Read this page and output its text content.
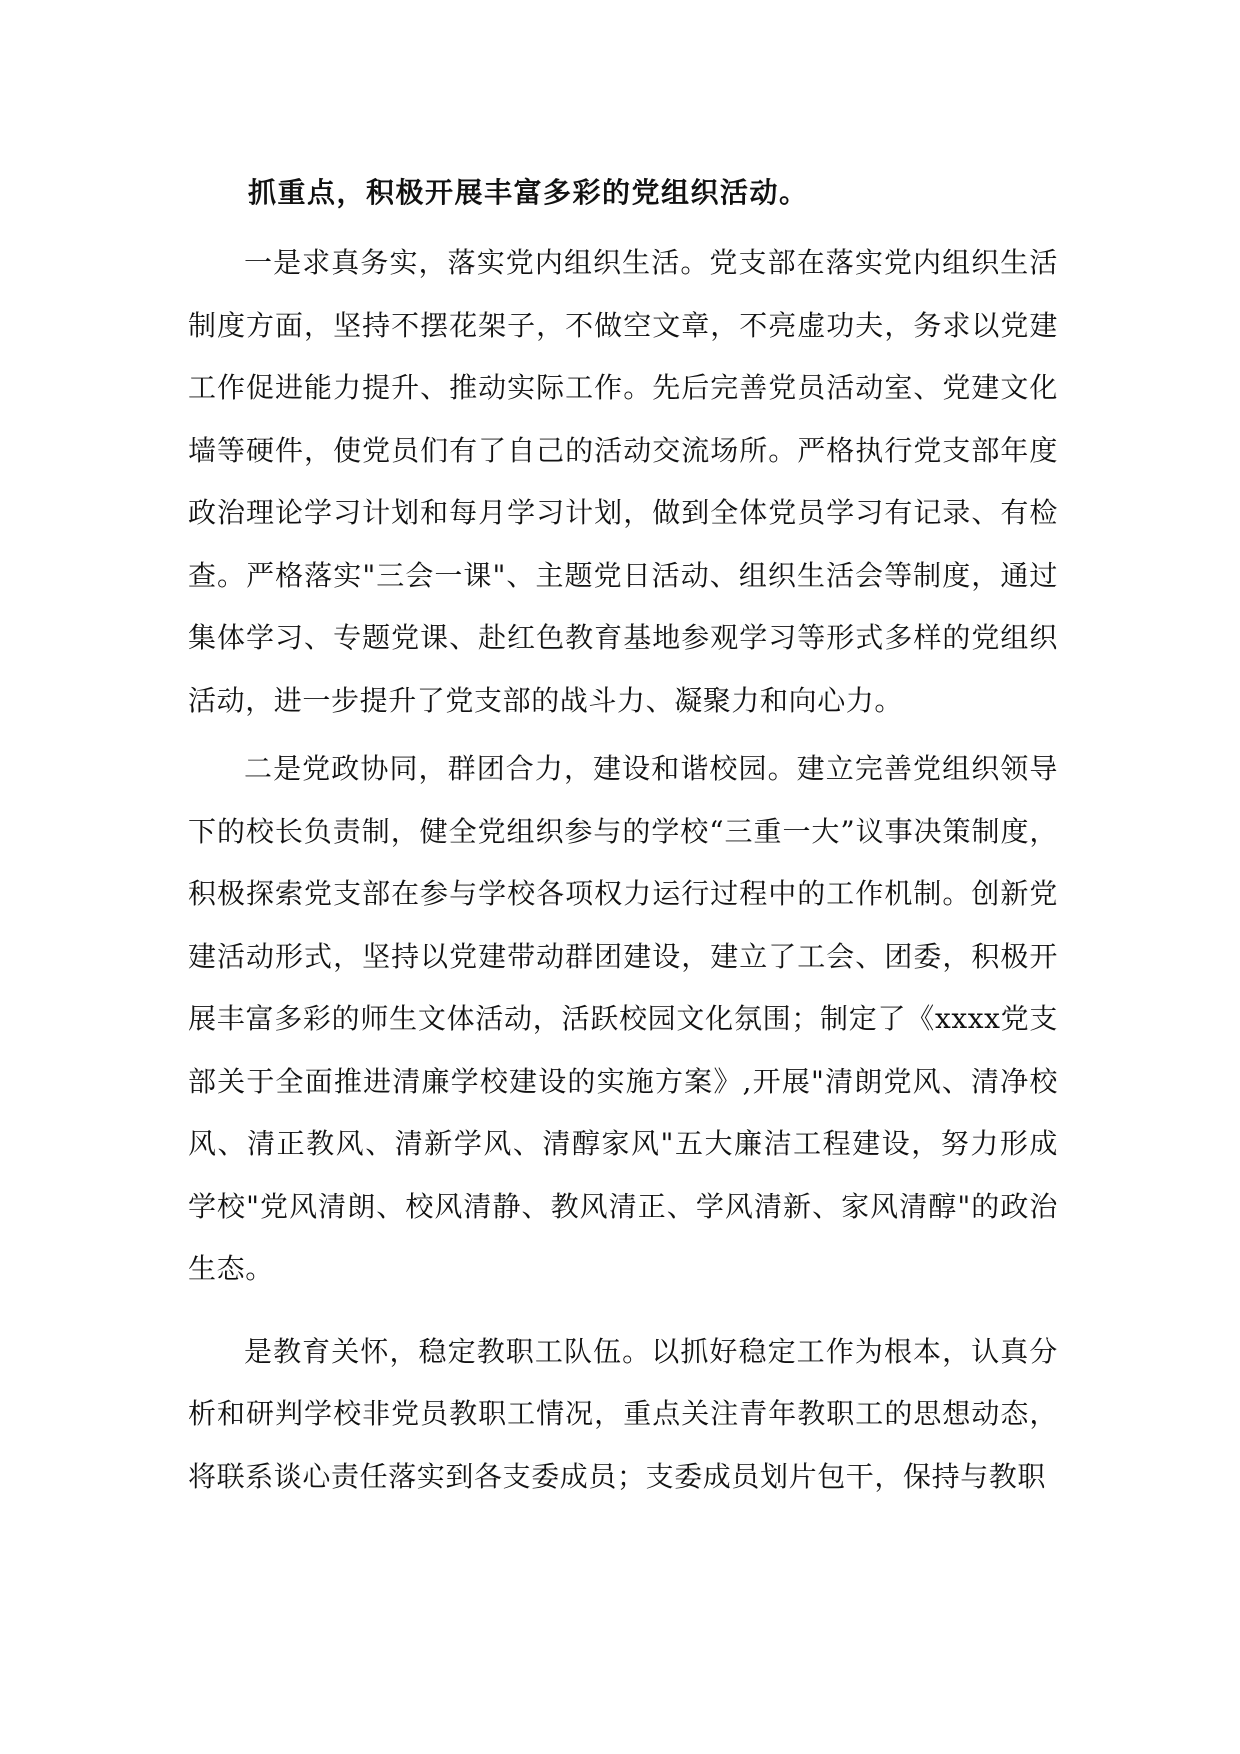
抓重点，积极开展丰富多彩的党组织活动。

一是求真务实，落实党内组织生活。党支部在落实党内组织生活制度方面，坚持不摆花架子，不做空文章，不亮虚功夫，务求以党建工作促进能力提升、推动实际工作。先后完善党员活动室、党建文化墙等硬件，使党员们有了自己的活动交流场所。严格执行党支部年度政治理论学习计划和每月学习计划，做到全体党员学习有记录、有检查。严格落实"三会一课"、主题党日活动、组织生活会等制度，通过集体学习、专题党课、赴红色教育基地参观学习等形式多样的党组织活动，进一步提升了党支部的战斗力、凝聚力和向心力。

二是党政协同，群团合力，建设和谐校园。建立完善党组织领导下的校长负责制，健全党组织参与的学校“三重一大”议事决策制度，积极探索党支部在参与学校各项权力运行过程中的工作机制。创新党建活动形式，坚持以党建带动群团建设，建立了工会、团委，积极开展丰富多彩的师生文体活动，活跃校园文化氛围；制定了《xxxx党支部关于全面推进清廉学校建设的实施方案》,开展"清朗党风、清净校风、清正教风、清新学风、清醇家风"五大廉洁工程建设，努力形成学校"党风清朗、校风清静、教风清正、学风清新、家风清醇"的政治生态。

是教育关怀，稳定教职工队伍。以抓好稳定工作为根本，认真分析和研判学校非党员教职工情况，重点关注青年教职工的思想动态，将联系谈心责任落实到各支委成员；支委成员划片包干，保持与教职
